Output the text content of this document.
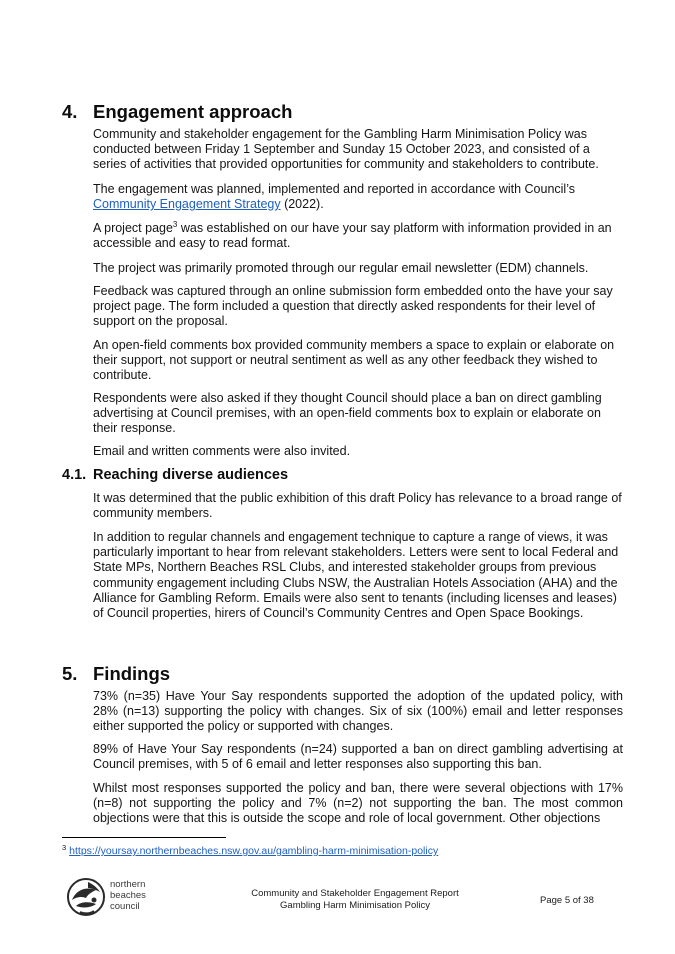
4. Engagement approach

Community and stakeholder engagement for the Gambling Harm Minimisation Policy was conducted between Friday 1 September and Sunday 15 October 2023, and consisted of a series of activities that provided opportunities for community and stakeholders to contribute.

The engagement was planned, implemented and reported in accordance with Council’s Community Engagement Strategy (2022).

A project page$^3$ was established on our have your say platform with information provided in an accessible and easy to read format.

The project was primarily promoted through our regular email newsletter (EDM) channels.

Feedback was captured through an online submission form embedded onto the have your say project page. The form included a question that directly asked respondents for their level of support on the proposal.

An open-field comments box provided community members a space to explain or elaborate on their support, not support or neutral sentiment as well as any other feedback they wished to contribute.

Respondents were also asked if they thought Council should place a ban on direct gambling advertising at Council premises, with an open-field comments box to explain or elaborate on their response.

Email and written comments were also invited.

4.1. Reaching diverse audiences

It was determined that the public exhibition of this draft Policy has relevance to a broad range of community members.

In addition to regular channels and engagement technique to capture a range of views, it was particularly important to hear from relevant stakeholders. Letters were sent to local Federal and State MPs, Northern Beaches RSL Clubs, and interested stakeholder groups from previous community engagement including Clubs NSW, the Australian Hotels Association (AHA) and the Alliance for Gambling Reform. Emails were also sent to tenants (including licenses and leases) of Council properties, hirers of Council’s Community Centres and Open Space Bookings.

5. Findings

73% (n=35) Have Your Say respondents supported the adoption of the updated policy, with 28% (n=13) supporting the policy with changes. Six of six (100%) email and letter responses either supported the policy or supported with changes.

89% of Have Your Say respondents (n=24) supported a ban on direct gambling advertising at Council premises, with 5 of 6 email and letter responses also supporting this ban.

Whilst most responses supported the policy and ban, there were several objections with 17% (n=8) not supporting the policy and 7% (n=2) not supporting the ban. The most common objections were that this is outside the scope and role of local government. Other objections

$^3$ https://yoursay.northernbeaches.nsw.gov.au/gambling-harm-minimisation-policy

northern
beaches
council
Community and Stakeholder Engagement Report
Gambling Harm Minimisation Policy	Page 5 of 38
